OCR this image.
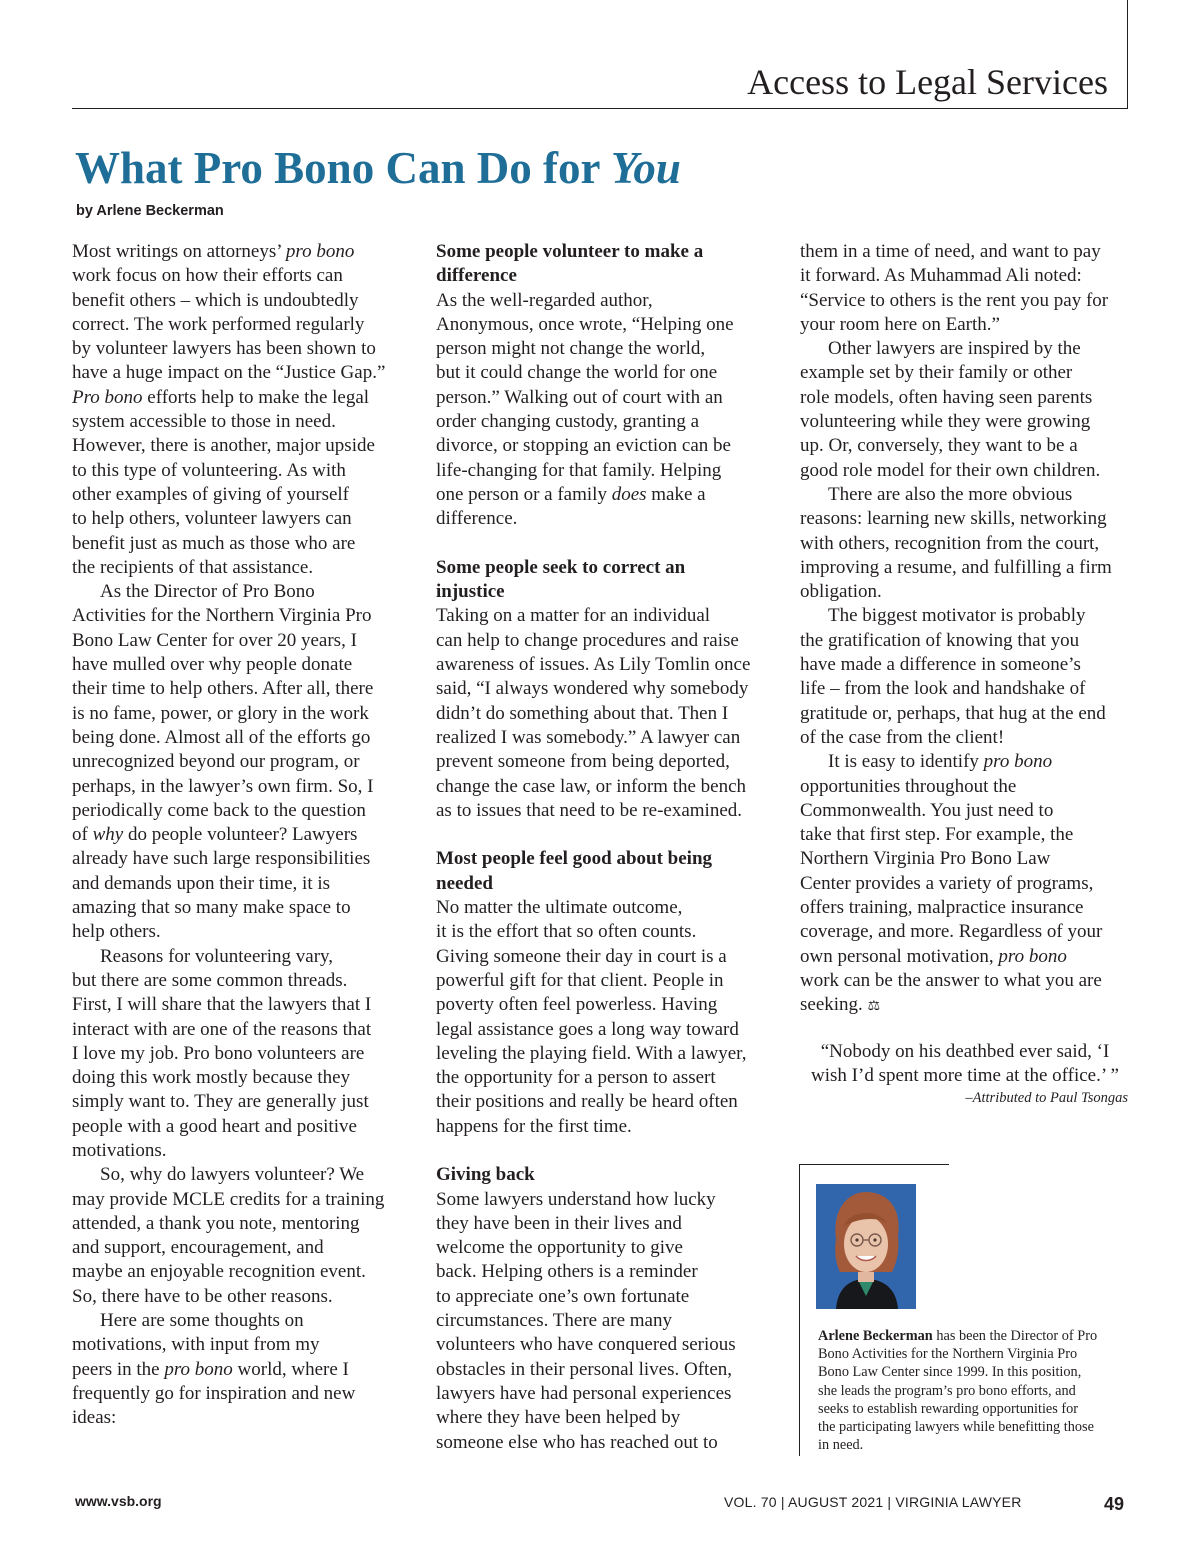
Access to Legal Services
What Pro Bono Can Do for You
by Arlene Beckerman
Most writings on attorneys’ pro bono
work focus on how their efforts can
benefit others – which is undoubtedly
correct. The work performed regularly
by volunteer lawyers has been shown to
have a huge impact on the “Justice Gap.”
Pro bono efforts help to make the legal
system accessible to those in need.
However, there is another, major upside
to this type of volunteering. As with
other examples of giving of yourself
to help others, volunteer lawyers can
benefit just as much as those who are
the recipients of that assistance.
As the Director of Pro Bono
Activities for the Northern Virginia Pro
Bono Law Center for over 20 years, I
have mulled over why people donate
their time to help others. After all, there
is no fame, power, or glory in the work
being done. Almost all of the efforts go
unrecognized beyond our program, or
perhaps, in the lawyer’s own firm. So, I
periodically come back to the question
of why do people volunteer? Lawyers
already have such large responsibilities
and demands upon their time, it is
amazing that so many make space to
help others.
Reasons for volunteering vary,
but there are some common threads.
First, I will share that the lawyers that I
interact with are one of the reasons that
I love my job. Pro bono volunteers are
doing this work mostly because they
simply want to. They are generally just
people with a good heart and positive
motivations.
So, why do lawyers volunteer? We
may provide MCLE credits for a training
attended, a thank you note, mentoring
and support, encouragement, and
maybe an enjoyable recognition event.
So, there have to be other reasons.
Here are some thoughts on
motivations, with input from my
peers in the pro bono world, where I
frequently go for inspiration and new
ideas:
Some people volunteer to make a
difference
As the well-regarded author,
Anonymous, once wrote, “Helping one
person might not change the world,
but it could change the world for one
person.” Walking out of court with an
order changing custody, granting a
divorce, or stopping an eviction can be
life-changing for that family. Helping
one person or a family does make a
difference.
Some people seek to correct an
injustice
Taking on a matter for an individual
can help to change procedures and raise
awareness of issues. As Lily Tomlin once
said, “I always wondered why somebody
didn’t do something about that. Then I
realized I was somebody.” A lawyer can
prevent someone from being deported,
change the case law, or inform the bench
as to issues that need to be re-examined.
Most people feel good about being
needed
No matter the ultimate outcome,
it is the effort that so often counts.
Giving someone their day in court is a
powerful gift for that client. People in
poverty often feel powerless. Having
legal assistance goes a long way toward
leveling the playing field. With a lawyer,
the opportunity for a person to assert
their positions and really be heard often
happens for the first time.
Giving back
Some lawyers understand how lucky
they have been in their lives and
welcome the opportunity to give
back. Helping others is a reminder
to appreciate one’s own fortunate
circumstances. There are many
volunteers who have conquered serious
obstacles in their personal lives. Often,
lawyers have had personal experiences
where they have been helped by
someone else who has reached out to
them in a time of need, and want to pay
it forward. As Muhammad Ali noted:
“Service to others is the rent you pay for
your room here on Earth.”
Other lawyers are inspired by the
example set by their family or other
role models, often having seen parents
volunteering while they were growing
up. Or, conversely, they want to be a
good role model for their own children.
There are also the more obvious
reasons: learning new skills, networking
with others, recognition from the court,
improving a resume, and fulfilling a firm
obligation.
The biggest motivator is probably
the gratification of knowing that you
have made a difference in someone’s
life – from the look and handshake of
gratitude or, perhaps, that hug at the end
of the case from the client!
It is easy to identify pro bono
opportunities throughout the
Commonwealth. You just need to
take that first step. For example, the
Northern Virginia Pro Bono Law
Center provides a variety of programs,
offers training, malpractice insurance
coverage, and more. Regardless of your
own personal motivation, pro bono
work can be the answer to what you are
seeking. ⚖
“Nobody on his deathbed ever said, ‘I
wish I’d spent more time at the office.’ ”
–Attributed to Paul Tsongas
Arlene Beckerman has been the Director of Pro
Bono Activities for the Northern Virginia Pro
Bono Law Center since 1999. In this position,
she leads the program’s pro bono efforts, and
seeks to establish rewarding opportunities for
the participating lawyers while benefitting those
in need.
www.vsb.org	VOL. 70 | AUGUST 2021 | VIRGINIA LAWYER	49
